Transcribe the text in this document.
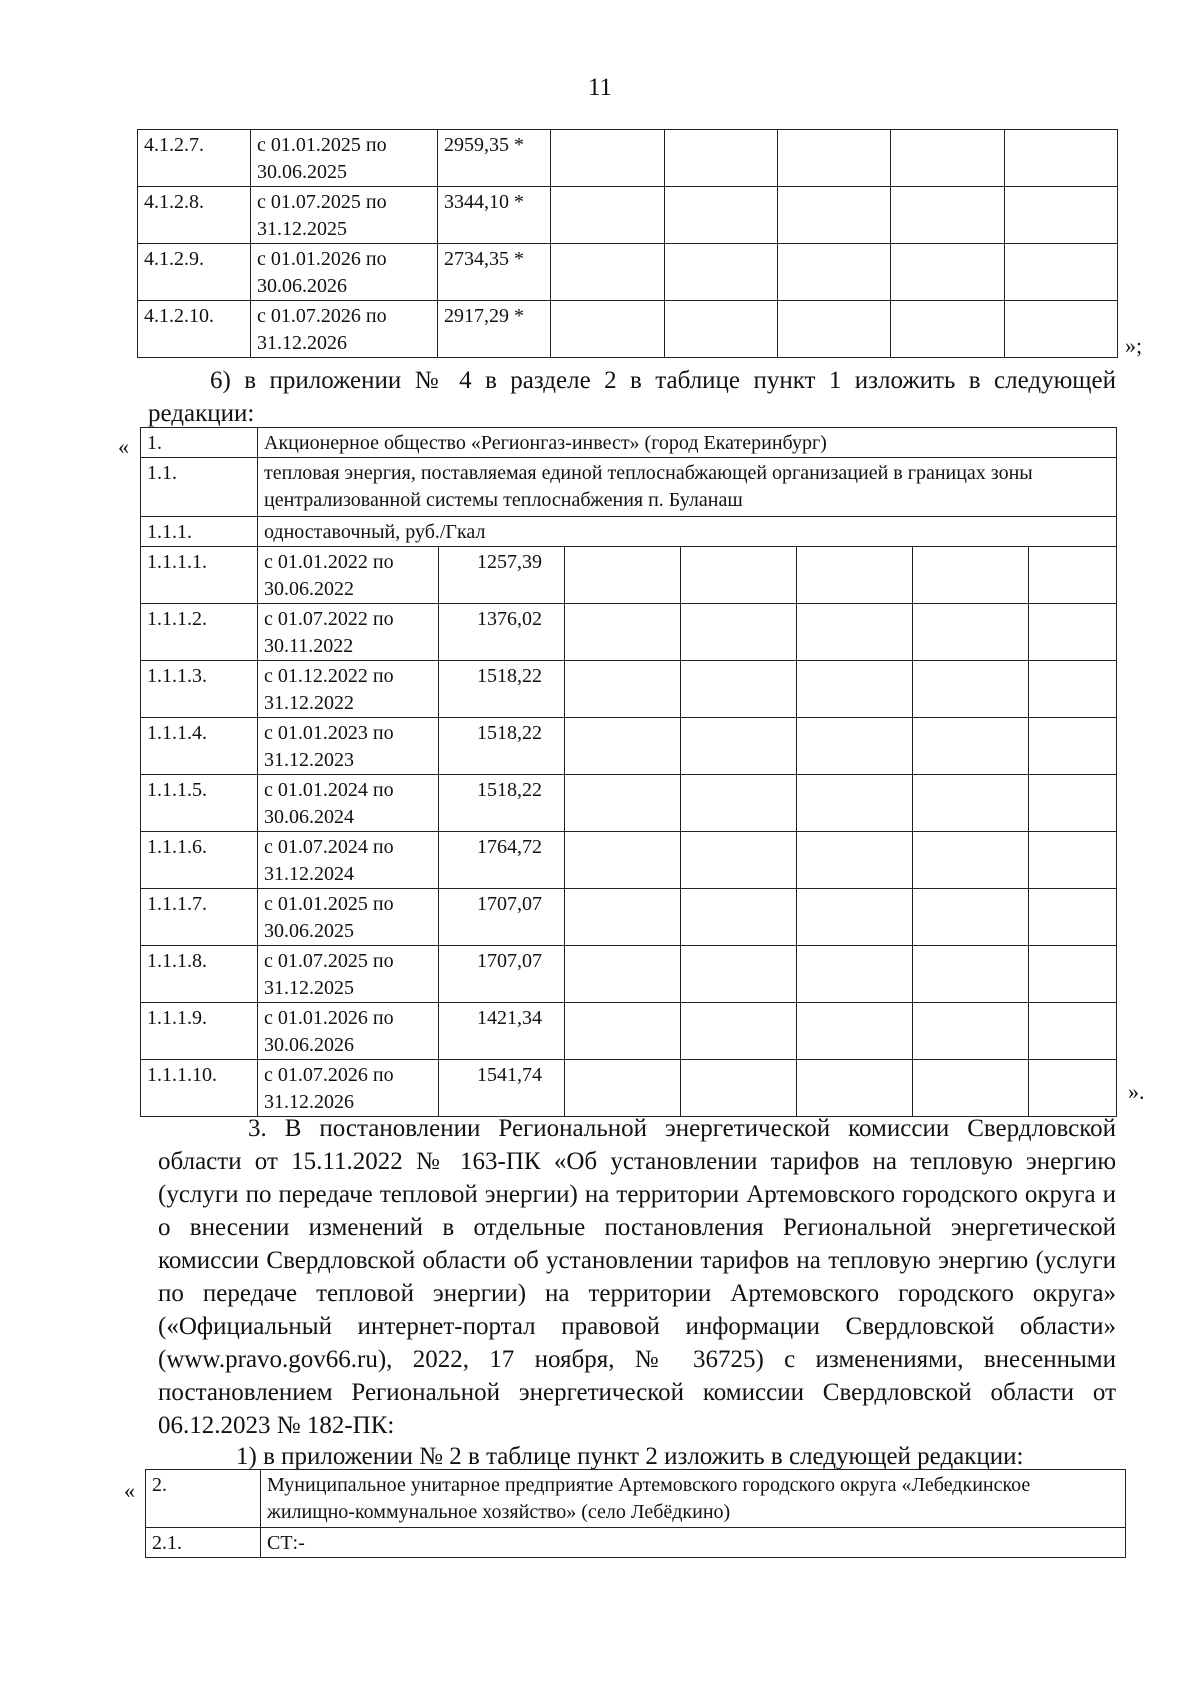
11
4.1.2.7.	с 01.01.2025 по 30.06.2025	2959,35 *					
4.1.2.8.	с 01.07.2025 по 31.12.2025	3344,10 *					
4.1.2.9.	с 01.01.2026 по 30.06.2026	2734,35 *					
4.1.2.10.	с 01.07.2026 по 31.12.2026	2917,29 *					
»;
6) в приложении № 4 в разделе 2 в таблице пункт 1 изложить в следующей редакции:
« 1.	Акционерное общество «Регионгаз-инвест» (город Екатеринбург)						
1.1.	тепловая энергия, поставляемая единой теплоснабжающей организацией в границах зоны централизованной системы теплоснабжения п. Буланаш						
1.1.1.	одноставочный, руб./Гкал						
1.1.1.1.	с 01.01.2022 по 30.06.2022	1257,39					
1.1.1.2.	с 01.07.2022 по 30.11.2022	1376,02					
1.1.1.3.	с 01.12.2022 по 31.12.2022	1518,22					
1.1.1.4.	с 01.01.2023 по 31.12.2023	1518,22					
1.1.1.5.	с 01.01.2024 по 30.06.2024	1518,22					
1.1.1.6.	с 01.07.2024 по 31.12.2024	1764,72					
1.1.1.7.	с 01.01.2025 по 30.06.2025	1707,07					
1.1.1.8.	с 01.07.2025 по 31.12.2025	1707,07					
1.1.1.9.	с 01.01.2026 по 30.06.2026	1421,34					
1.1.1.10.	с 01.07.2026 по 31.12.2026	1541,74					
».
3. В постановлении Региональной энергетической комиссии Свердловской области от 15.11.2022 № 163-ПК «Об установлении тарифов на тепловую энергию (услуги по передаче тепловой энергии) на территории Артемовского городского округа и о внесении изменений в отдельные постановления Региональной энергетической комиссии Свердловской области об установлении тарифов на тепловую энергию (услуги по передаче тепловой энергии) на территории Артемовского городского округа» («Официальный интернет-портал правовой информации Свердловской области» (www.pravo.gov66.ru), 2022, 17 ноября, № 36725) с изменениями, внесенными постановлением Региональной энергетической комиссии Свердловской области от 06.12.2023 № 182-ПК:
1) в приложении № 2 в таблице пункт 2 изложить в следующей редакции:
« 2.	Муниципальное унитарное предприятие Артемовского городского округа «Лебедкинское жилищно-коммунальное хозяйство» (село Лебёдкино)
2.1.	СТ:-
